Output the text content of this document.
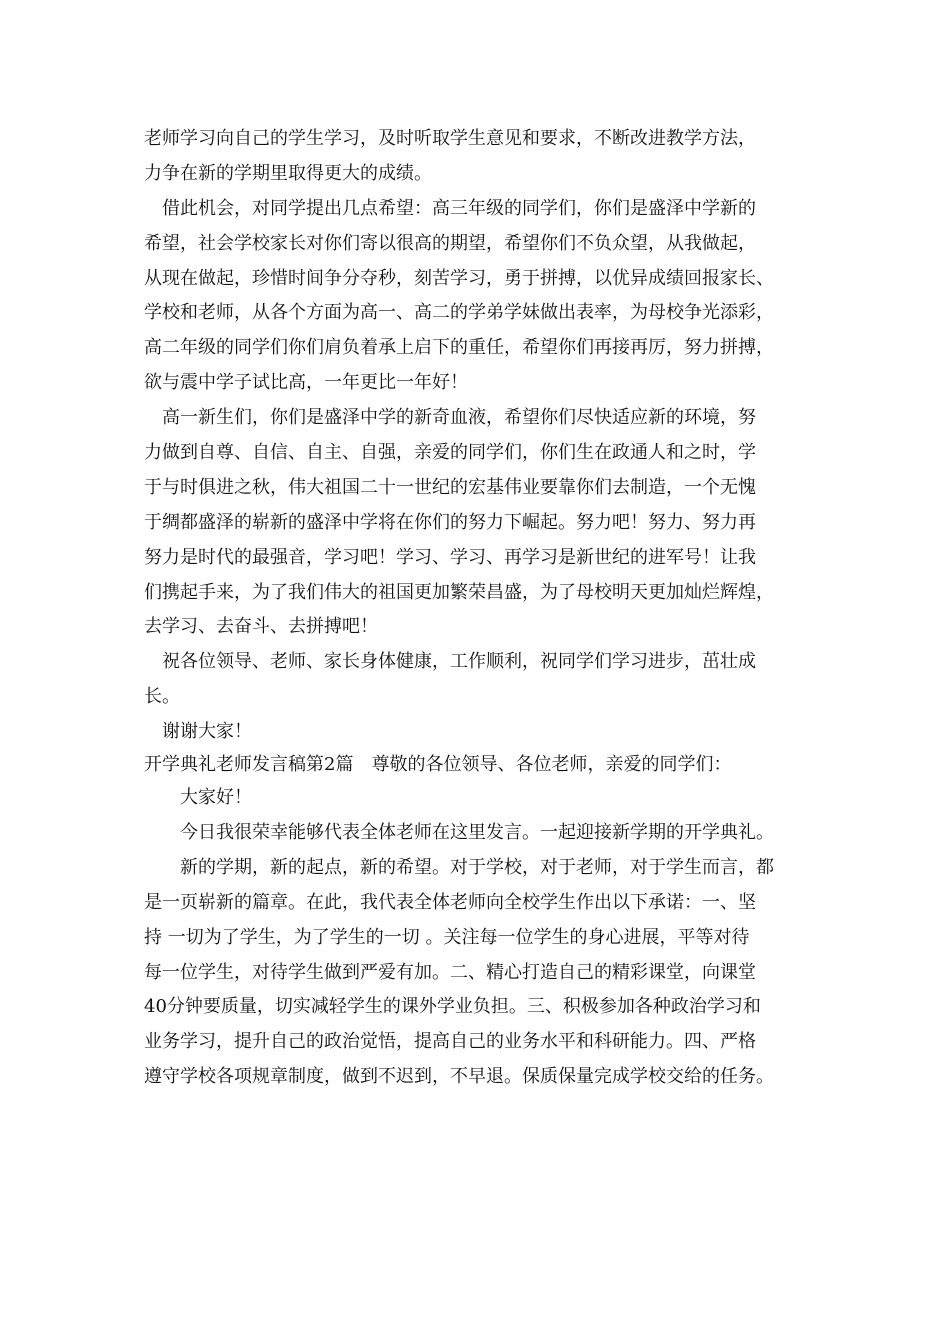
老师学习向自己的学生学习，及时听取学生意见和要求，不断改进教学方法，
力争在新的学期里取得更大的成绩。
　借此机会，对同学提出几点希望：高三年级的同学们，你们是盛泽中学新的
希望，社会学校家长对你们寄以很高的期望，希望你们不负众望，从我做起，
从现在做起，珍惜时间争分夺秒，刻苦学习，勇于拼搏，以优异成绩回报家长、
学校和老师，从各个方面为高一、高二的学弟学妹做出表率，为母校争光添彩，
高二年级的同学们你们肩负着承上启下的重任，希望你们再接再厉，努力拼搏，
欲与震中学子试比高，一年更比一年好！
　高一新生们，你们是盛泽中学的新奇血液，希望你们尽快适应新的环境，努
力做到自尊、自信、自主、自强，亲爱的同学们，你们生在政通人和之时，学
于与时俱进之秋，伟大祖国二十一世纪的宏基伟业要靠你们去制造，一个无愧
于绸都盛泽的崭新的盛泽中学将在你们的努力下崛起。努力吧！努力、努力再
努力是时代的最强音，学习吧！学习、学习、再学习是新世纪的进军号！让我
们携起手来，为了我们伟大的祖国更加繁荣昌盛，为了母校明天更加灿烂辉煌，
去学习、去奋斗、去拼搏吧！
　祝各位领导、老师、家长身体健康，工作顺利，祝同学们学习进步，茁壮成
长。
　谢谢大家！
开学典礼老师发言稿第2篇　尊敬的各位领导、各位老师，亲爱的同学们：
　　大家好！
　　今日我很荣幸能够代表全体老师在这里发言。一起迎接新学期的开学典礼。
　　新的学期，新的起点，新的希望。对于学校，对于老师，对于学生而言，都
是一页崭新的篇章。在此，我代表全体老师向全校学生作出以下承诺：一、坚
持 一切为了学生，为了学生的一切 。关注每一位学生的身心进展，平等对待
每一位学生，对待学生做到严爱有加。二、精心打造自己的精彩课堂，向课堂
40分钟要质量，切实减轻学生的课外学业负担。三、积极参加各种政治学习和
业务学习，提升自己的政治觉悟，提高自己的业务水平和科研能力。四、严格
遵守学校各项规章制度，做到不迟到，不早退。保质保量完成学校交给的任务。
